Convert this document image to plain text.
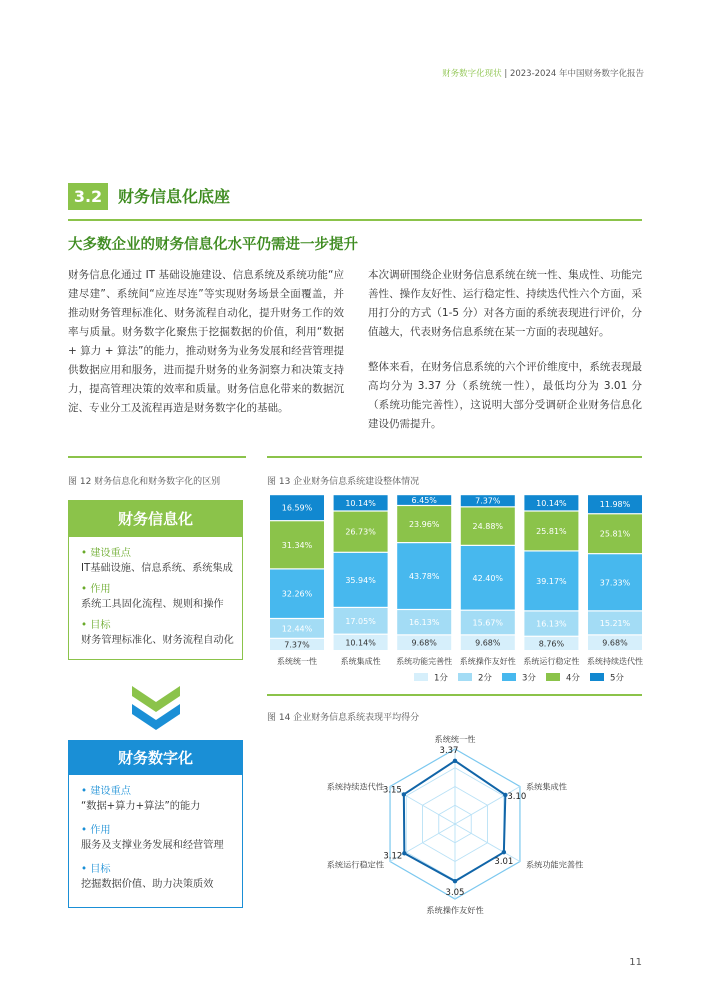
财务数字化现状 | 2023-2024 年中国财务数字化报告
3.2 财务信息化底座
大多数企业的财务信息化水平仍需进一步提升
财务信息化通过 IT 基础设施建设、信息系统及系统功能“应建尽建”、系统间“应连尽连”等实现财务场景全面覆盖，并推动财务管理标准化、财务流程自动化，提升财务工作的效率与质量。财务数字化聚焦于挖掘数据的价值，利用“数据 + 算力 + 算法”的能力，推动财务为业务发展和经营管理提供数据应用和服务，进而提升财务的业务洞察力和决策支持力，提高管理决策的效率和质量。财务信息化带来的数据沉淀、专业分工及流程再造是财务数字化的基础。
本次调研围绕企业财务信息系统在统一性、集成性、功能完善性、操作友好性、运行稳定性、持续迭代性六个方面，采用打分的方式（1-5 分）对各方面的系统表现进行评价，分值越大，代表财务信息系统在某一方面的表现越好。
整体来看，在财务信息系统的六个评价维度中，系统表现最高均分为 3.37 分（系统统一性），最低均分为 3.01 分（系统功能完善性），这说明大部分受调研企业财务信息化建设仍需提升。
图 12 财务信息化和财务数字化的区别	图 13 企业财务信息系统建设整体情况
图 14 企业财务信息系统表现平均得分
财务信息化
• 建设重点
IT基础设施、信息系统、系统集成
• 作用
系统工具固化流程、规则和操作
• 目标
财务管理标准化、财务流程自动化
财务数字化
• 建设重点
“数据+算力+算法”的能力
• 作用
服务及支撑业务发展和经营管理
• 目标
挖掘数据价值、助力决策质效
7.37%
12.44%
32.26%
31.34%
16.59%
系统统一性
10.14%
17.05%
35.94%
26.73%
10.14%
系统集成性
9.68%
16.13%
43.78%
23.96%
6.45%
系统功能完善性
9.68%
15.67%
42.40%
24.88%
7.37%
系统操作友好性
8.76%
16.13%
39.17%
25.81%
10.14%
系统运行稳定性
9.68%
15.21%
37.33%
25.81%
11.98%
系统持续迭代性
1分	2分	3分	4分	5分
3.37
3.10
3.01
3.05
3.12
3.15
系统统一性
系统集成性
系统功能完善性
系统操作友好性
系统运行稳定性
系统持续迭代性
11
